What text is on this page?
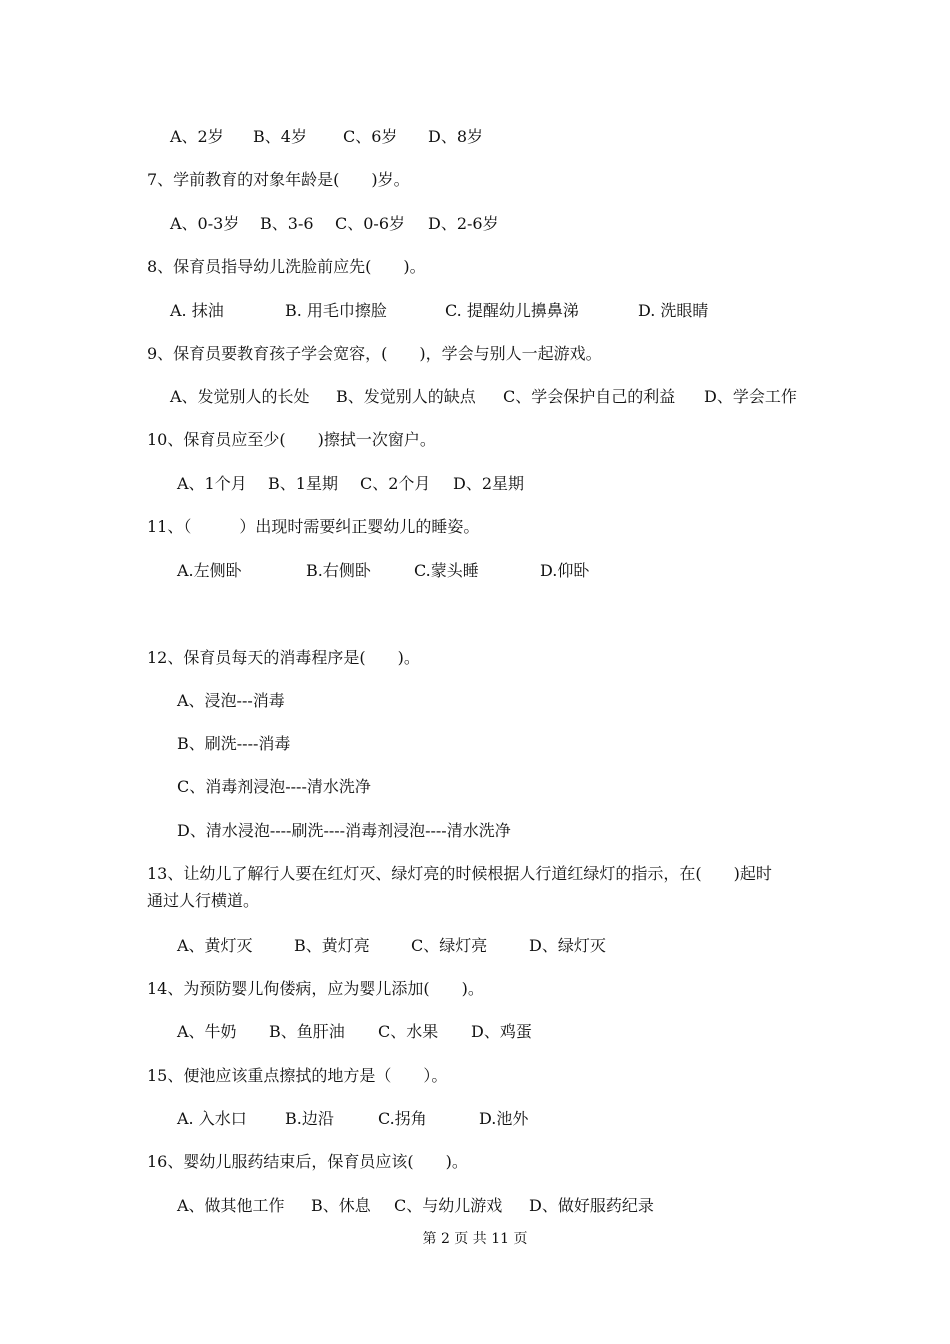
A、2岁 B、4岁 C、6岁 D、8岁
7、学前教育的对象年龄是(　　)岁。
A、0-3岁 B、3-6 C、0-6岁 D、2-6岁
8、保育员指导幼儿洗脸前应先(　　)。
A. 抹油	B. 用毛巾擦脸	C. 提醒幼儿擤鼻涕	D. 洗眼睛
9、保育员要教育孩子学会宽容，(　　)，学会与别人一起游戏。
A、发觉别人的长处 B、发觉别人的缺点 C、学会保护自己的利益 D、学会工作
10、保育员应至少(　　)擦拭一次窗户。
A、1个月 B、1星期 C、2个月 D、2星期
11、（　　　）出现时需要纠正婴幼儿的睡姿。
A.左侧卧	B.右侧卧	C.蒙头睡	D.仰卧
12、保育员每天的消毒程序是(　　)。
A、浸泡---消毒
B、刷洗----消毒
C、消毒剂浸泡----清水洗净
D、清水浸泡----刷洗----消毒剂浸泡----清水洗净
13、让幼儿了解行人要在红灯灭、绿灯亮的时候根据人行道红绿灯的指示，在(　　)起时
通过人行横道。
A、黄灯灭	B、黄灯亮	C、绿灯亮	D、绿灯灭
14、为预防婴儿佝偻病，应为婴儿添加(　　)。
A、牛奶 B、鱼肝油 C、水果 D、鸡蛋
15、便池应该重点擦拭的地方是（　　）。
A. 入水口 B.边沿	C.拐角	D.池外
16、婴幼儿服药结束后，保育员应该(　　)。
A、做其他工作 B、休息 C、与幼儿游戏 D、做好服药纪录
第 2 页 共 11 页
